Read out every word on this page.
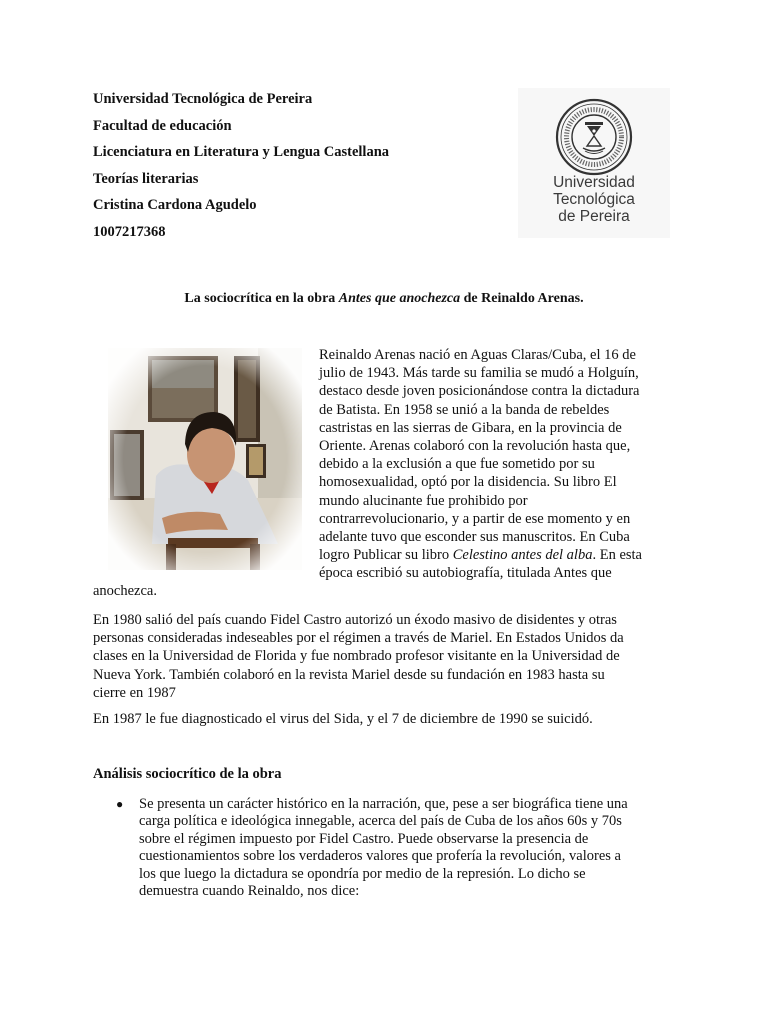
Universidad Tecnológica de Pereira

Facultad de educación

Licenciatura en Literatura y Lengua Castellana

Teorías literarias

Cristina Cardona Agudelo

1007217368

Universidad
Tecnológica
de Pereira
La sociocrítica en la obra Antes que anochezca de Reinaldo Arenas.
Reinaldo Arenas nació en Aguas Claras/Cuba, el 16 de
julio de 1943. Más tarde su familia se mudó a Holguín,
destaco desde joven posicionándose contra la dictadura
de Batista. En 1958 se unió a la banda de rebeldes
castristas en las sierras de Gibara, en la provincia de
Oriente. Arenas colaboró con la revolución hasta que,
debido a la exclusión a que fue sometido por su
homosexualidad, optó por la disidencia. Su libro El
mundo alucinante fue prohibido por
contrarrevolucionario, y a partir de ese momento y en
adelante tuvo que esconder sus manuscritos. En Cuba
logro Publicar su libro Celestino antes del alba. En esta
época escribió su autobiografía, titulada Antes que
anochezca.
En 1980 salió del país cuando Fidel Castro autorizó un éxodo masivo de disidentes y otras
personas consideradas indeseables por el régimen a través de Mariel. En Estados Unidos da
clases en la Universidad de Florida y fue nombrado profesor visitante en la Universidad de
Nueva York. También colaboró en la revista Mariel desde su fundación en 1983 hasta su
cierre en 1987
En 1987 le fue diagnosticado el virus del Sida, y el 7 de diciembre de 1990 se suicidó.
Análisis sociocrítico de la obra
● Se presenta un carácter histórico en la narración, que, pese a ser biográfica tiene una
carga política e ideológica innegable, acerca del país de Cuba de los años 60s y 70s
sobre el régimen impuesto por Fidel Castro. Puede observarse la presencia de
cuestionamientos sobre los verdaderos valores que profería la revolución, valores a
los que luego la dictadura se opondría por medio de la represión. Lo dicho se
demuestra cuando Reinaldo, nos dice:
